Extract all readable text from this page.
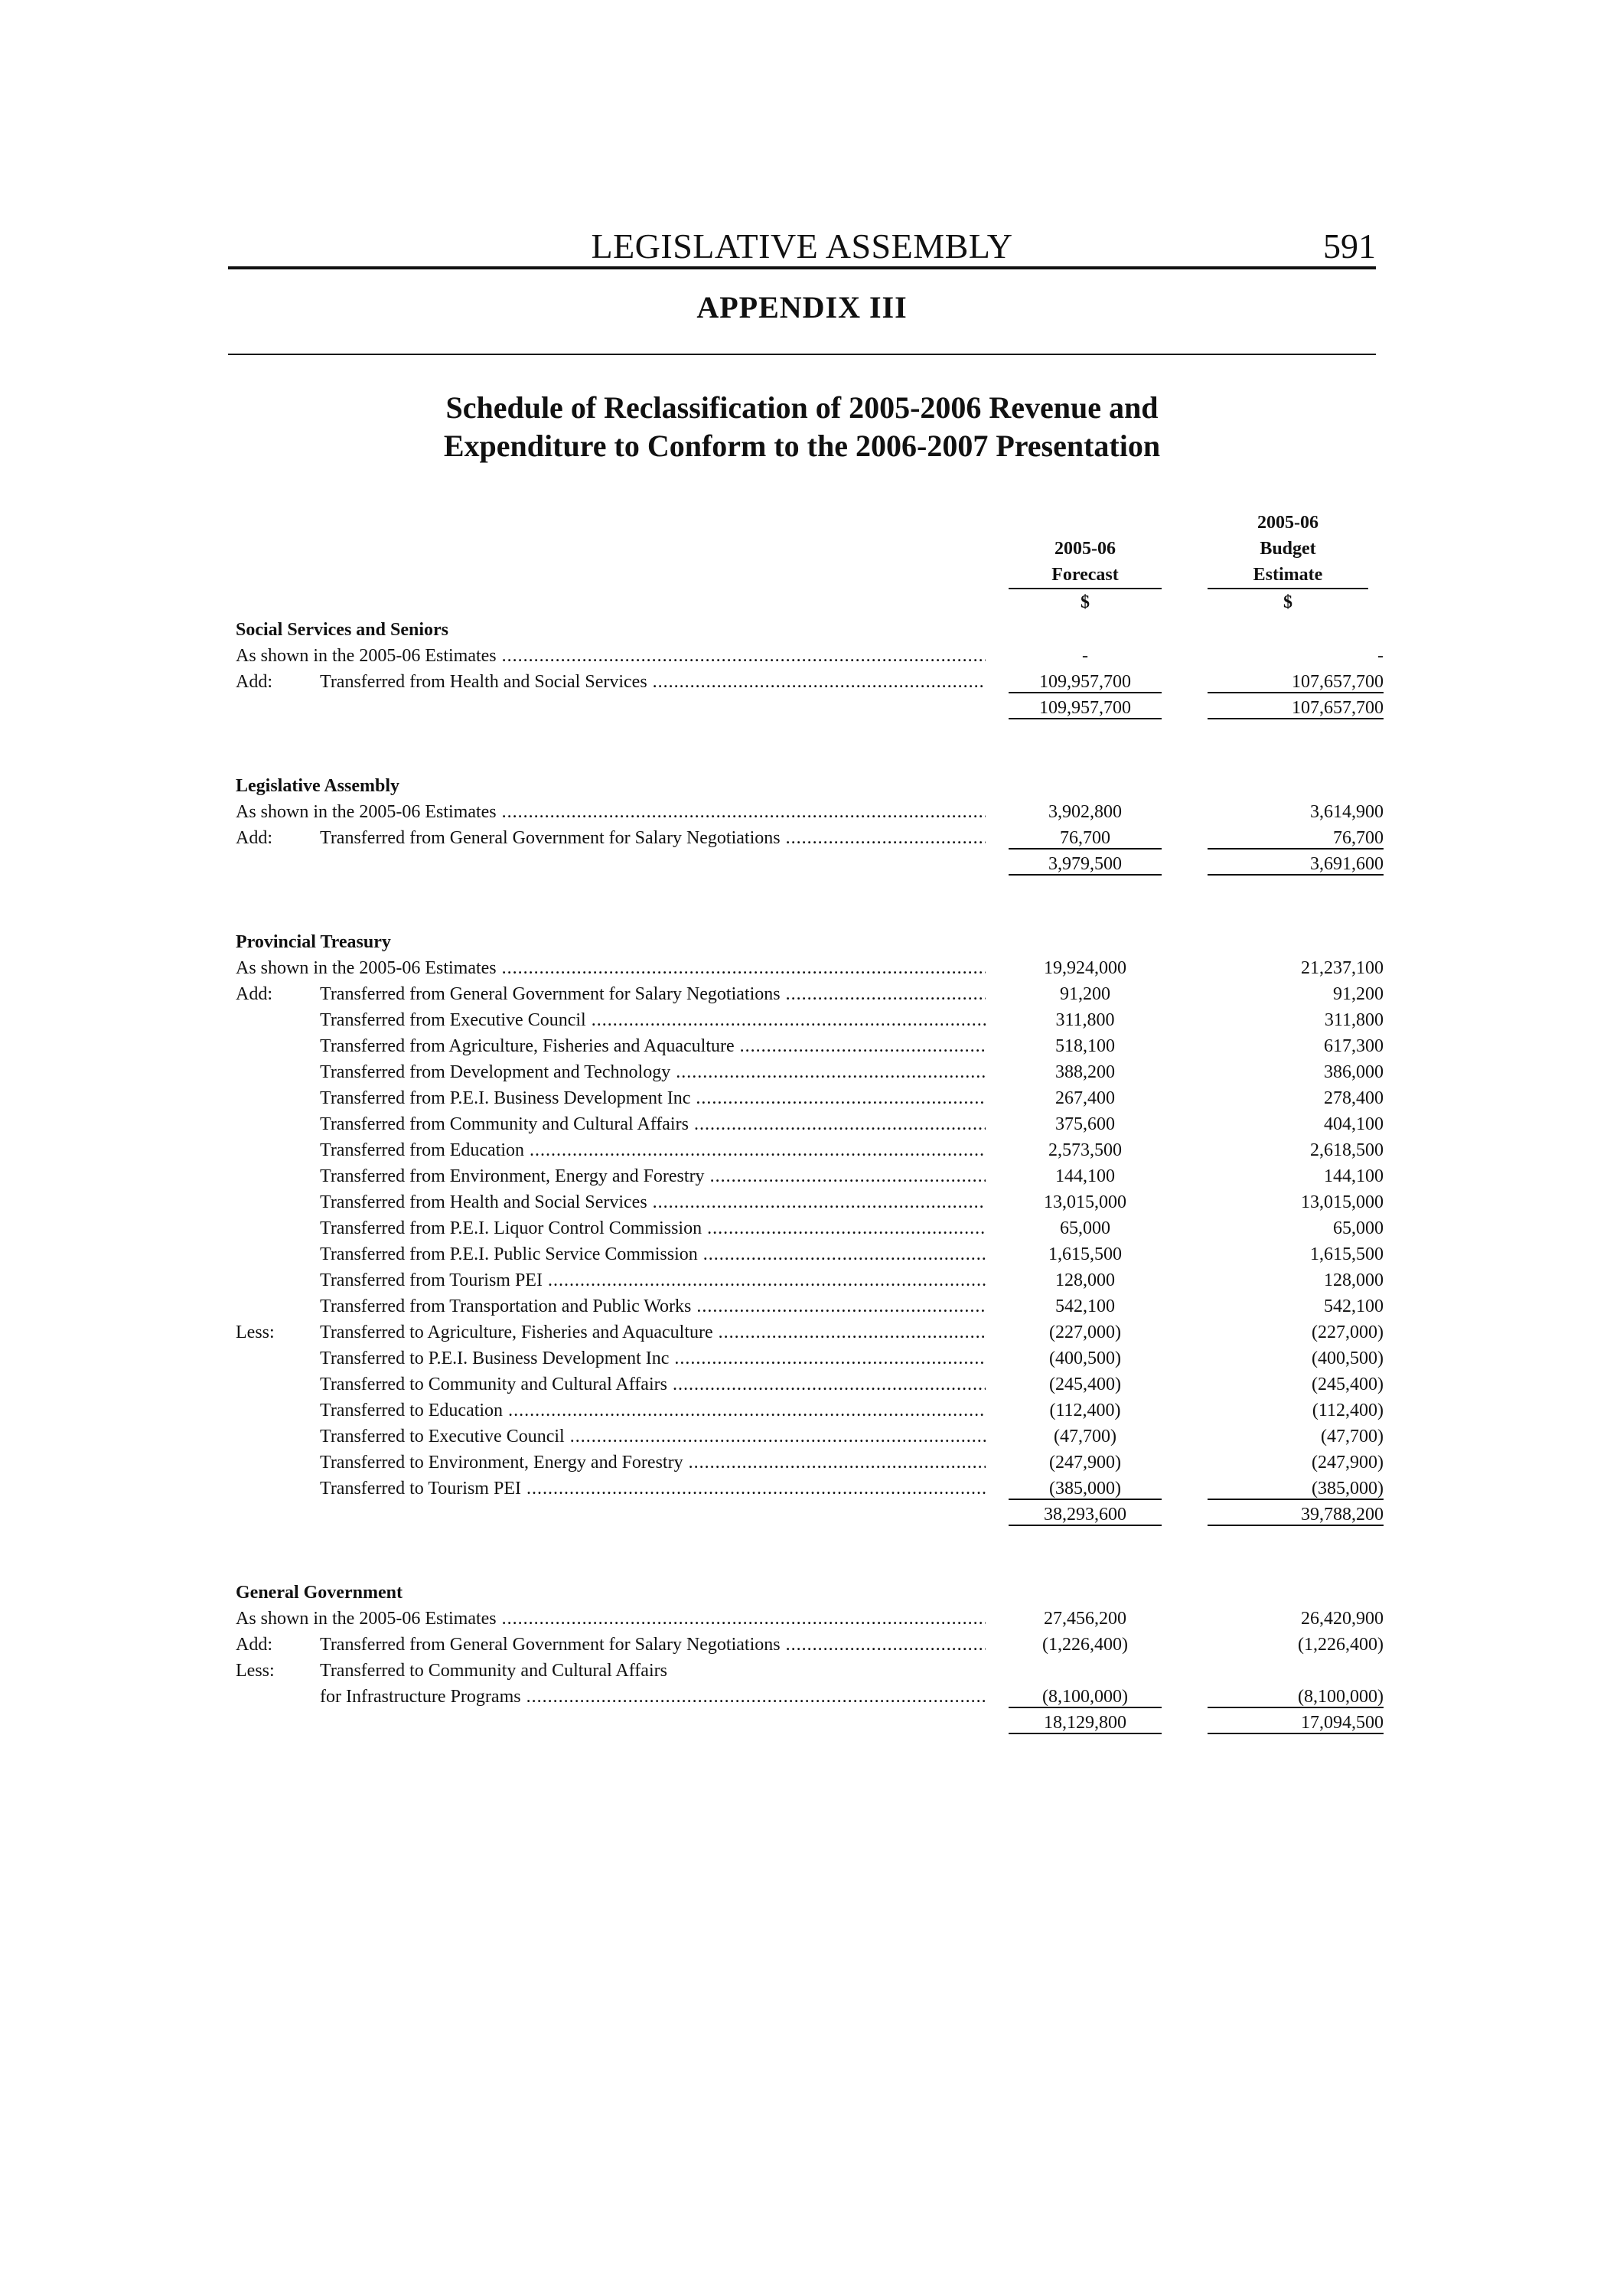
LEGISLATIVE ASSEMBLY	591
APPENDIX III
Schedule of Reclassification of 2005-2006 Revenue and
Expenditure to Conform to the 2006-2007 Presentation
2005-06
Forecast
$
2005-06
Budget
Estimate
$
Social Services and Seniors
As shown in the 2005-06 Estimates .....	-	-
Add:	Transferred from Health and Social Services .....	109,957,700	107,657,700
109,957,700	107,657,700
Legislative Assembly
As shown in the 2005-06 Estimates .....	3,902,800	3,614,900
Add:	Transferred from General Government for Salary Negotiations .....	76,700	76,700
3,979,500	3,691,600
Provincial Treasury
As shown in the 2005-06 Estimates .....	19,924,000	21,237,100
Add:	Transferred from General Government for Salary Negotiations .....	91,200	91,200
Transferred from Executive Council .....	311,800	311,800
Transferred from Agriculture, Fisheries and Aquaculture .....	518,100	617,300
Transferred from Development and Technology .....	388,200	386,000
Transferred from P.E.I. Business Development Inc .....	267,400	278,400
Transferred from Community and Cultural Affairs .....	375,600	404,100
Transferred from Education .....	2,573,500	2,618,500
Transferred from Environment, Energy and Forestry .....	144,100	144,100
Transferred from Health and Social Services .....	13,015,000	13,015,000
Transferred from P.E.I. Liquor Control Commission .....	65,000	65,000
Transferred from P.E.I. Public Service Commission .....	1,615,500	1,615,500
Transferred from Tourism PEI .....	128,000	128,000
Transferred from Transportation and Public Works .....	542,100	542,100
Less: Transferred to Agriculture, Fisheries and Aquaculture .....	(227,000)	(227,000)
Transferred to P.E.I. Business Development Inc .....	(400,500)	(400,500)
Transferred to Community and Cultural Affairs .....	(245,400)	(245,400)
Transferred to Education .....	(112,400)	(112,400)
Transferred to Executive Council .....	(47,700)	(47,700)
Transferred to Environment, Energy and Forestry .....	(247,900)	(247,900)
Transferred to Tourism PEI .....	(385,000)	(385,000)
38,293,600	39,788,200
General Government
As shown in the 2005-06 Estimates .....	27,456,200	26,420,900
Add:	Transferred from General Government for Salary Negotiations .....	(1,226,400)	(1,226,400)
Less: Transferred to Community and Cultural Affairs
for Infrastructure Programs .....	(8,100,000)	(8,100,000)
18,129,800	17,094,500
